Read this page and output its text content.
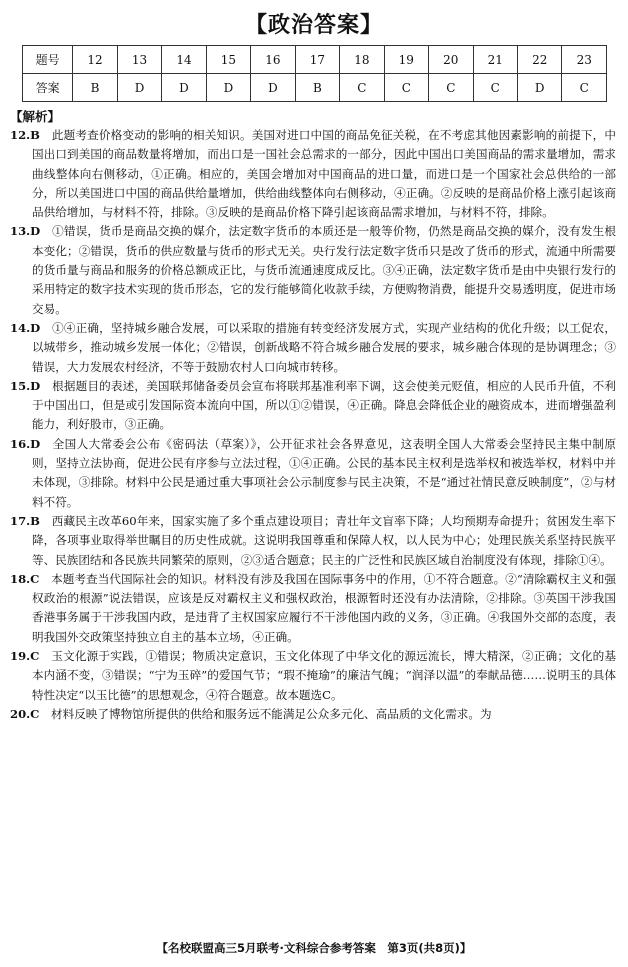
【政治答案】
题号	12	13	14	15	16	17	18	19	20	21	22	23
答案	B	D	D	D	D	B	C	C	C	C	D	C
【解析】

12.B　 此题考查价格变动的影响的相关知识。美国对进口中国的商品免征关税，在不考虑其他因素影响的前提下，中国出口到美国的商品数量将增加，而出口是一国社会总需求的一部分，因此中国出口美国商品的需求量增加，需求曲线整体向右侧移动，①正确。相应的，美国会增加对中国商品的进口量，而进口是一个国家社会总供给的一部分，所以美国进口中国的商品供给量增加，供给曲线整体向右侧移动，④正确。②反映的是商品价格上涨引起该商品供给增加，与材料不符，排除。③反映的是商品价格下降引起该商品需求增加，与材料不符，排除。

13.D　 ①错误，货币是商品交换的媒介，法定数字货币的本质还是一般等价物，仍然是商品交换的媒介，没有发生根本变化；②错误，货币的供应数量与货币的形式无关。央行发行法定数字货币只是改了货币的形式，流通中所需要的货币量与商品和服务的价格总额成正比，与货币流通速度成反比。③④正确，法定数字货币是由中央银行发行的采用特定的数字技术实现的货币形态，它的发行能够简化收款手续，方便购物消费，能提升交易透明度，促进市场交易。

14.D　 ①④正确，坚持城乡融合发展，可以采取的措施有转变经济发展方式，实现产业结构的优化升级；以工促农，以城带乡，推动城乡发展一体化；②错误，创新战略不符合城乡融合发展的要求，城乡融合体现的是协调理念；③错误，大力发展农村经济，不等于鼓励农村人口向城市转移。

15.D　 根据题目的表述，美国联邦储备委员会宣布将联邦基准利率下调，这会使美元贬值，相应的人民币升值，不利于中国出口，但是或引发国际资本流向中国，所以①②错误，④正确。降息会降低企业的融资成本，进而增强盈利能力，利好股市，③正确。

16.D　 全国人大常委会公布《密码法（草案）》，公开征求社会各界意见，这表明全国人大常委会坚持民主集中制原则，坚持立法协商，促进公民有序参与立法过程，①④正确。公民的基本民主权利是选举权和被选举权，材料中并未体现，③排除。材料中公民是通过重大事项社会公示制度参与民主决策，不是“通过社情民意反映制度”，②与材料不符。

17.B　 西藏民主改革60年来，国家实施了多个重点建设项目；青壮年文盲率下降；人均预期寿命提升；贫困发生率下降，各项事业取得举世瞩目的历史性成就。这说明我国尊重和保障人权，以人民为中心；处理民族关系坚持民族平等、民族团结和各民族共同繁荣的原则，②③适合题意；民主的广泛性和民族区域自治制度没有体现，排除①④。

18.C　 本题考查当代国际社会的知识。材料没有涉及我国在国际事务中的作用，①不符合题意。②“清除霸权主义和强权政治的根源”说法错误，应该是反对霸权主义和强权政治，根源暂时还没有办法清除，②排除。③英国干涉我国香港事务属于干涉我国内政，是违背了主权国家应履行不干涉他国内政的义务，③正确。④我国外交部的态度，表明我国外交政策坚持独立自主的基本立场，④正确。

19.C　 玉文化源于实践，①错误；物质决定意识，玉文化体现了中华文化的源远流长，博大精深，②正确；文化的基本内涵不变，③错误；“宁为玉碎”的爱国气节；“瑕不掩瑜”的廉洁气魄；“润泽以温”的奉献品德……说明玉的具体特性决定“以玉比德”的思想观念，④符合题意。故本题选C。

20.C　 材料反映了博物馆所提供的供给和服务远不能满足公众多元化、高品质的文化需求。为

【名校联盟高三5月联考·文科综合参考答案　第3页(共8页)】
